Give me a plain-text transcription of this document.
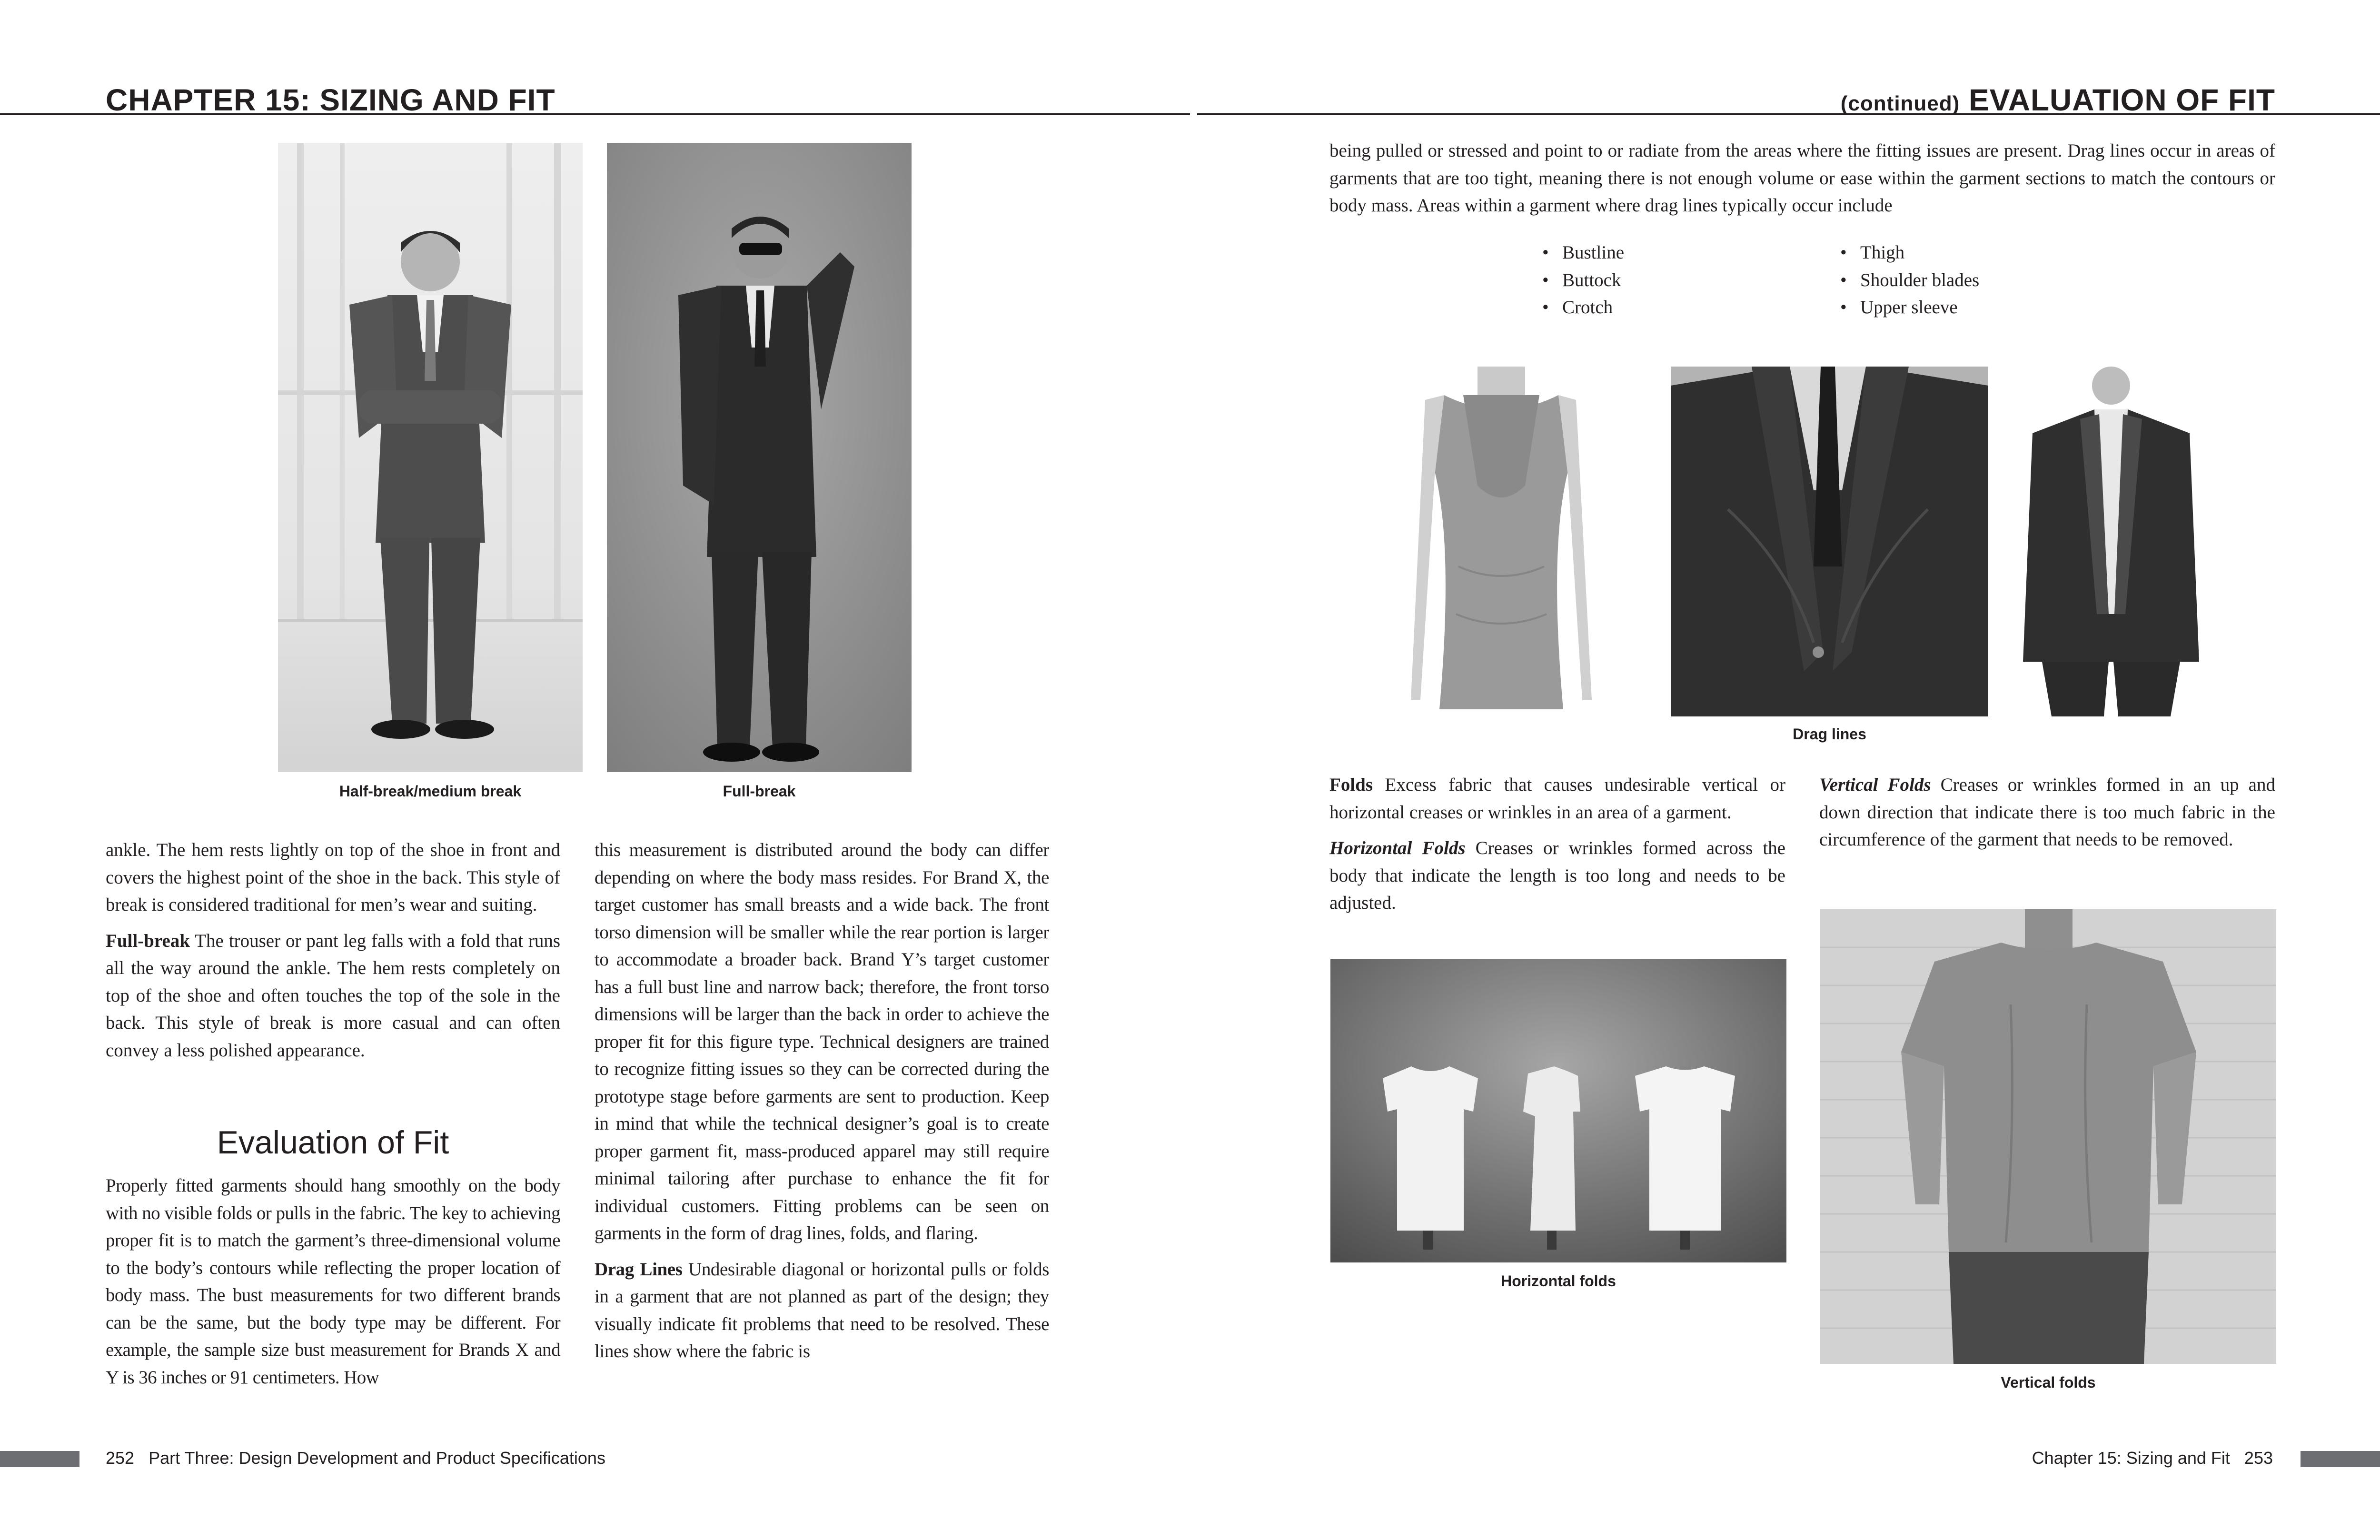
CHAPTER 15: SIZING AND FIT
Half-break/medium break	Full-break

ankle. The hem rests lightly on top of the shoe in front and covers the highest point of the shoe in the back. This style of break is considered traditional for men’s wear and suiting.

Full-break The trouser or pant leg falls with a fold that runs all the way around the ankle. The hem rests completely on top of the shoe and often touches the top of the sole in the back. This style of break is more casual and can often convey a less polished appearance.

Evaluation of Fit

Properly fitted garments should hang smoothly on the body with no visible folds or pulls in the fabric. The key to achieving proper fit is to match the garment’s three-dimensional volume to the body’s contours while reflecting the proper location of body mass. The bust measurements for two different brands can be the same, but the body type may be different. For example, the sample size bust measurement for Brands X and Y is 36 inches or 91 centimeters. How

this measurement is distributed around the body can differ depending on where the body mass resides. For Brand X, the target customer has small breasts and a wide back. The front torso dimension will be smaller while the rear portion is larger to accommodate a broader back. Brand Y’s target customer has a full bust line and narrow back; therefore, the front torso dimensions will be larger than the back in order to achieve the proper fit for this figure type. Technical designers are trained to recognize fitting issues so they can be corrected during the prototype stage before garments are sent to production. Keep in mind that while the technical designer’s goal is to create proper garment fit, mass-produced apparel may still require minimal tailoring after purchase to enhance the fit for individual customers. Fitting problems can be seen on garments in the form of drag lines, folds, and flaring.

Drag Lines Undesirable diagonal or horizontal pulls or folds in a garment that are not planned as part of the design; they visually indicate fit problems that need to be resolved. These lines show where the fabric is

252 Part Three: Design Development and Product Specifications
(continued) EVALUATION OF FIT

being pulled or stressed and point to or radiate from the areas where the fitting issues are present. Drag lines occur in areas of garments that are too tight, meaning there is not enough volume or ease within the garment sections to match the contours or body mass. Areas within a garment where drag lines typically occur include

• Bustline
• Buttock
• Crotch
• Thigh
• Shoulder blades
• Upper sleeve
Drag lines

Folds Excess fabric that causes undesirable vertical or horizontal creases or wrinkles in an area of a garment.

Horizontal Folds Creases or wrinkles formed across the body that indicate the length is too long and needs to be adjusted.

Vertical Folds Creases or wrinkles formed in an up and down direction that indicate there is too much fabric in the circumference of the garment that needs to be removed.

Horizontal folds
Vertical folds
Chapter 15: Sizing and Fit 253
